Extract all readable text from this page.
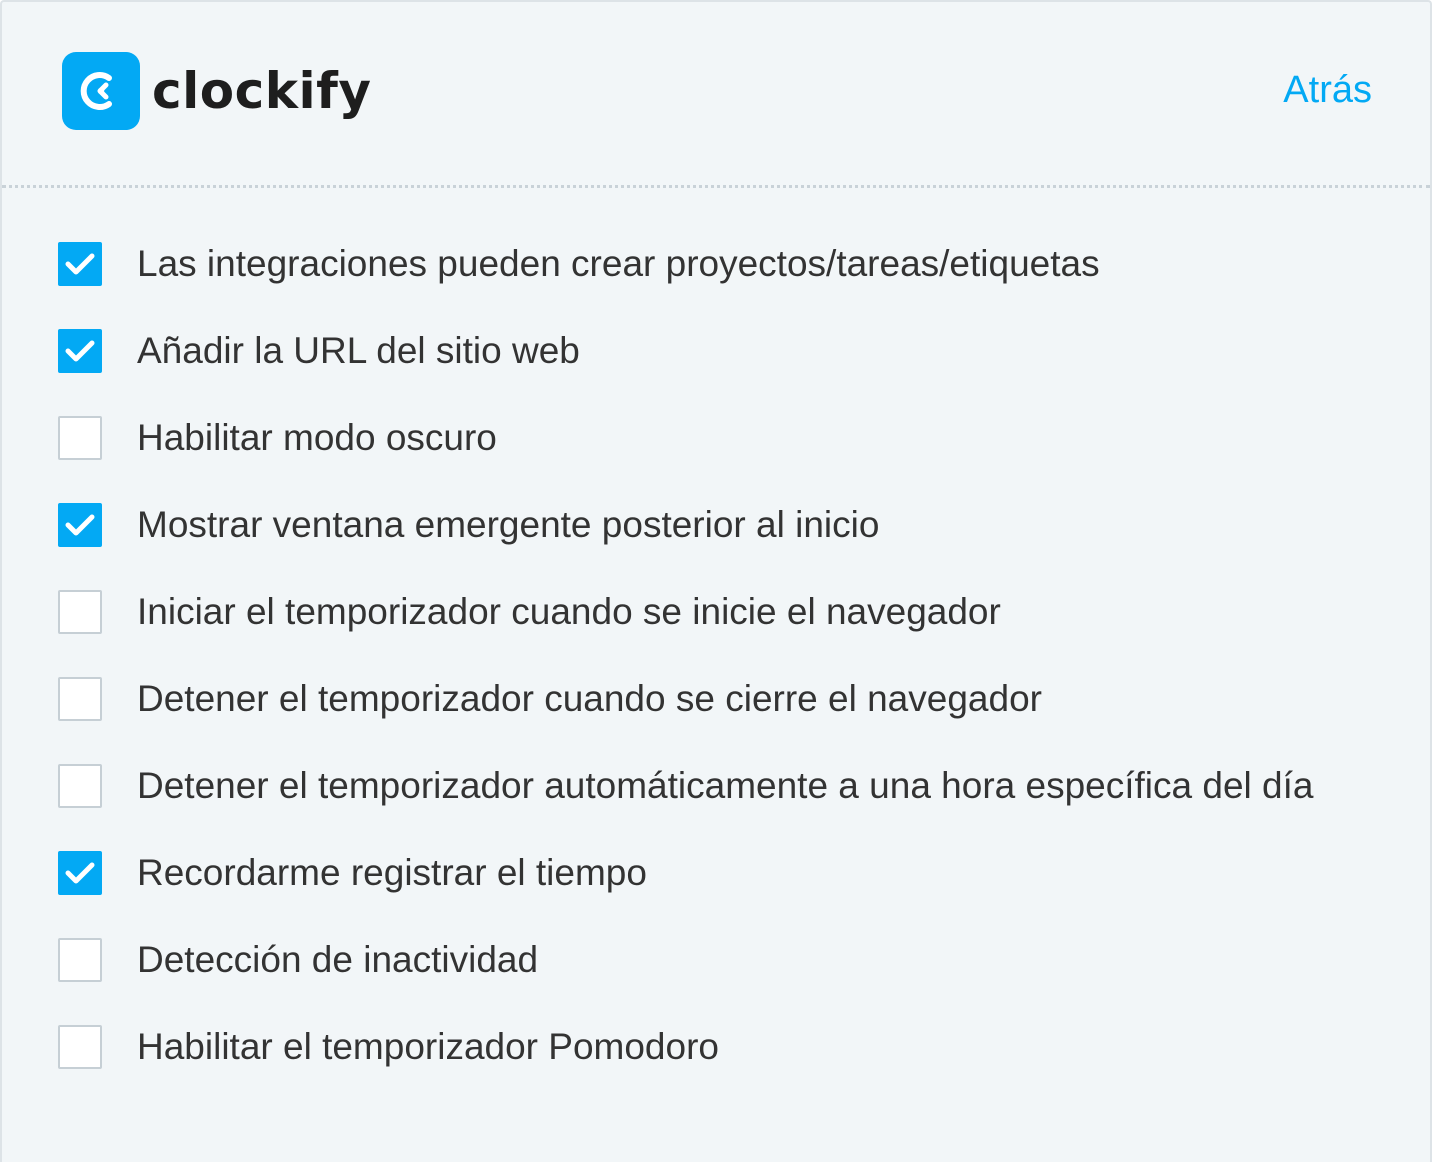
clockify	Atrás
Las integraciones pueden crear proyectos/tareas/etiquetas
Añadir la URL del sitio web
Habilitar modo oscuro
Mostrar ventana emergente posterior al inicio
Iniciar el temporizador cuando se inicie el navegador
Detener el temporizador cuando se cierre el navegador
Detener el temporizador automáticamente a una hora específica del día
Recordarme registrar el tiempo
Detección de inactividad
Habilitar el temporizador Pomodoro
